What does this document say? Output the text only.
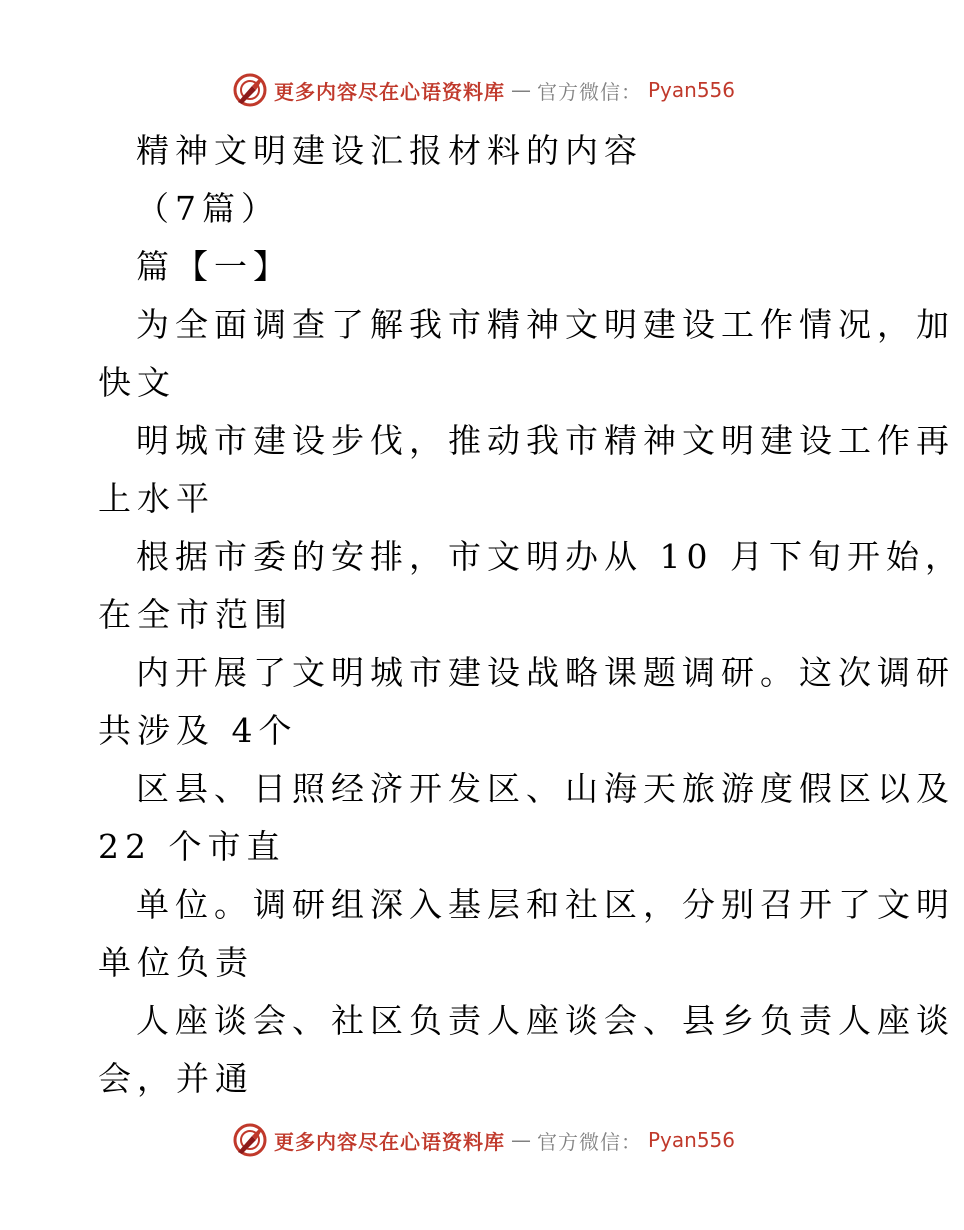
更多内容尽在心语资料库 — 官方微信： Pyan556
精神文明建设汇报材料的内容
（7篇）
篇【一】
为全面调查了解我市精神文明建设工作情况，加
快文
明城市建设步伐，推动我市精神文明建设工作再
上水平
根据市委的安排，市文明办从 10 月下旬开始，
在全市范围
内开展了文明城市建设战略课题调研。这次调研
共涉及 4个
区县、日照经济开发区、山海天旅游度假区以及
22 个市直
单位。调研组深入基层和社区，分别召开了文明
单位负责
人座谈会、社区负责人座谈会、县乡负责人座谈
会，并通
更多内容尽在心语资料库 — 官方微信： Pyan556
